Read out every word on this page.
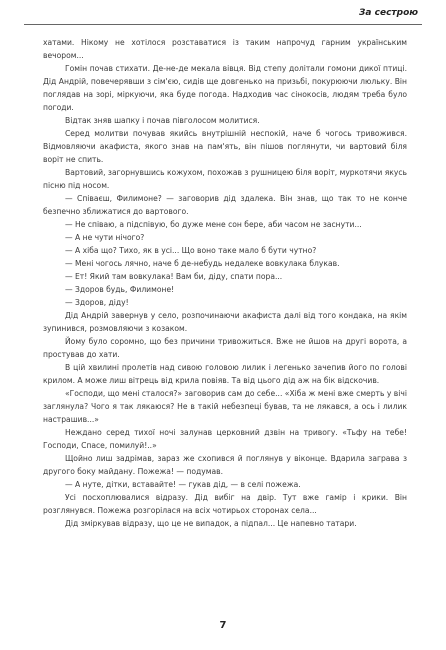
За сестрою

хатами. Нікому не хотілося розставатися із таким напрочуд гарним українським вечором...

Гомін почав стихати. Де-не-де мекала вівця. Від степу долітали гомони дикої птиці. Дід Андрій, повечерявши з сім'єю, сидів ще довгенько на призьбі, покурюючи люльку. Він поглядав на зорі, міркуючи, яка буде погода. Надходив час сінокосів, людям треба було погоди.

Відтак зняв шапку і почав півголосом молитися.

Серед молитви почував якийсь внутрішній неспокій, наче б чогось тривожився. Відмовляючи акафиста, якого знав на пам'ять, він пішов поглянути, чи вартовий біля воріт не спить.

Вартовий, загорнувшись кожухом, похожав з рушницею біля воріт, муркотячи якусь пісню під носом.

— Співаєш, Филимоне? — заговорив дід здалека. Він знав, що так то не конче безпечно зближатися до вартового.

— Не співаю, а підспівую, бо дуже мене сон бере, аби часом не заснути...

— А не чути нічого?

— А хіба що? Тихо, як в усі... Що воно таке мало б бути чутно?

— Мені чогось лячно, наче б де-небудь недалеке вовкулака блукав.

— Ет! Який там вовкулака! Вам би, діду, спати пора...

— Здоров будь, Филимоне!

— Здоров, діду!

Дід Андрій завернув у село, розпочинаючи акафиста далі від того кондака, на якім зупинився, розмовляючи з козаком.

Йому було соромно, що без причини тривожиться. Вже не йшов на другі ворота, а простував до хати.

В цій хвилині пролетів над сивою головою лилик і легенько зачепив його по голові крилом. А може лиш вітрець від крила повіяв. Та від цього дід аж на бік відскочив.

«Господи, що мені сталося?» заговорив сам до себе... «Хіба ж мені вже смерть у вічі заглянула? Чого я так лякаюся? Не в такій небезпеці бував, та не лякався, а ось і лилик настрашив...»

Неждано серед тихої ночі залунав церковний дзвін на тривогу. «Тьфу на тебе! Господи, Спасе, помилуй!..»

Щойно лиш задрімав, зараз же схопився й поглянув у віконце. Вдарила заграва з другого боку майдану. Пожежа! — подумав.

— А нуте, дітки, вставайте! — гукав дід, — в селі пожежа.

Усі посхоплювалися відразу. Дід вибіг на двір. Тут вже гамір і крики. Він розглянувся. Пожежа розгорілася на всіх чотирьох сторонах села...

Дід зміркував відразу, що це не випадок, а підпал... Це напевно татари.

7
